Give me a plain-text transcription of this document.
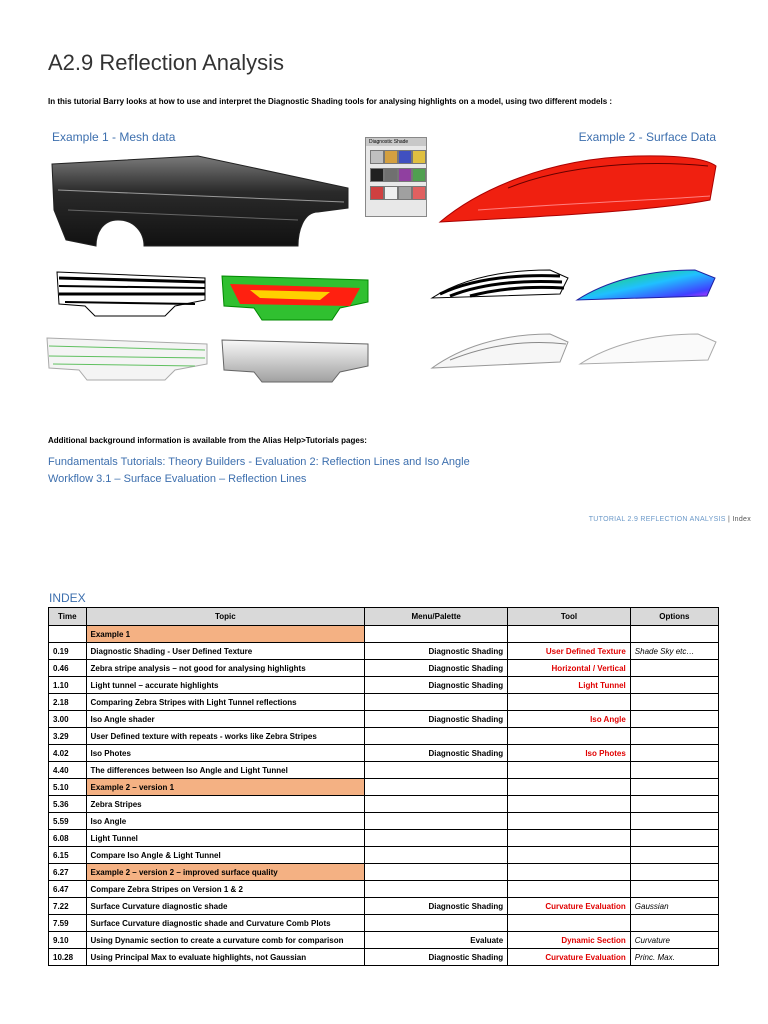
A2.9 Reflection Analysis
In this tutorial Barry looks at how to use and interpret the Diagnostic Shading tools for analysing highlights on a model, using two different models :
Example 1 - Mesh data	Example 2 - Surface Data
Diagnostic Shade
Additional background information is available from the Alias Help>Tutorials pages:
Fundamentals Tutorials: Theory Builders - Evaluation 2: Reflection Lines and Iso Angle
Workflow 3.1 – Surface Evaluation – Reflection Lines
TUTORIAL 2.9 REFLECTION ANALYSIS | Index
INDEX
Time	Topic	Menu/Palette	Tool	Options
	Example 1			
0.19	Diagnostic Shading - User Defined Texture	Diagnostic Shading	User Defined Texture	Shade Sky etc…
0.46	Zebra stripe analysis – not good for analysing highlights	Diagnostic Shading	Horizontal / Vertical	
1.10	Light tunnel – accurate highlights	Diagnostic Shading	Light Tunnel	
2.18	Comparing Zebra Stripes with Light Tunnel reflections			
3.00	Iso Angle shader	Diagnostic Shading	Iso Angle	
3.29	User Defined texture with repeats - works like Zebra Stripes			
4.02	Iso Photes	Diagnostic Shading	Iso Photes	
4.40	The differences between Iso Angle and Light Tunnel			
5.10	Example 2 – version 1			
5.36	Zebra Stripes			
5.59	Iso Angle			
6.08	Light Tunnel			
6.15	Compare Iso Angle & Light Tunnel			
6.27	Example 2 – version 2 – improved surface quality			
6.47	Compare Zebra Stripes on Version 1 & 2			
7.22	Surface Curvature diagnostic shade	Diagnostic Shading	Curvature Evaluation	Gaussian
7.59	Surface Curvature diagnostic shade and Curvature Comb Plots			
9.10	Using Dynamic section to create a curvature comb for comparison	Evaluate	Dynamic Section	Curvature
10.28	Using Principal Max to evaluate highlights, not Gaussian	Diagnostic Shading	Curvature Evaluation	Princ. Max.
